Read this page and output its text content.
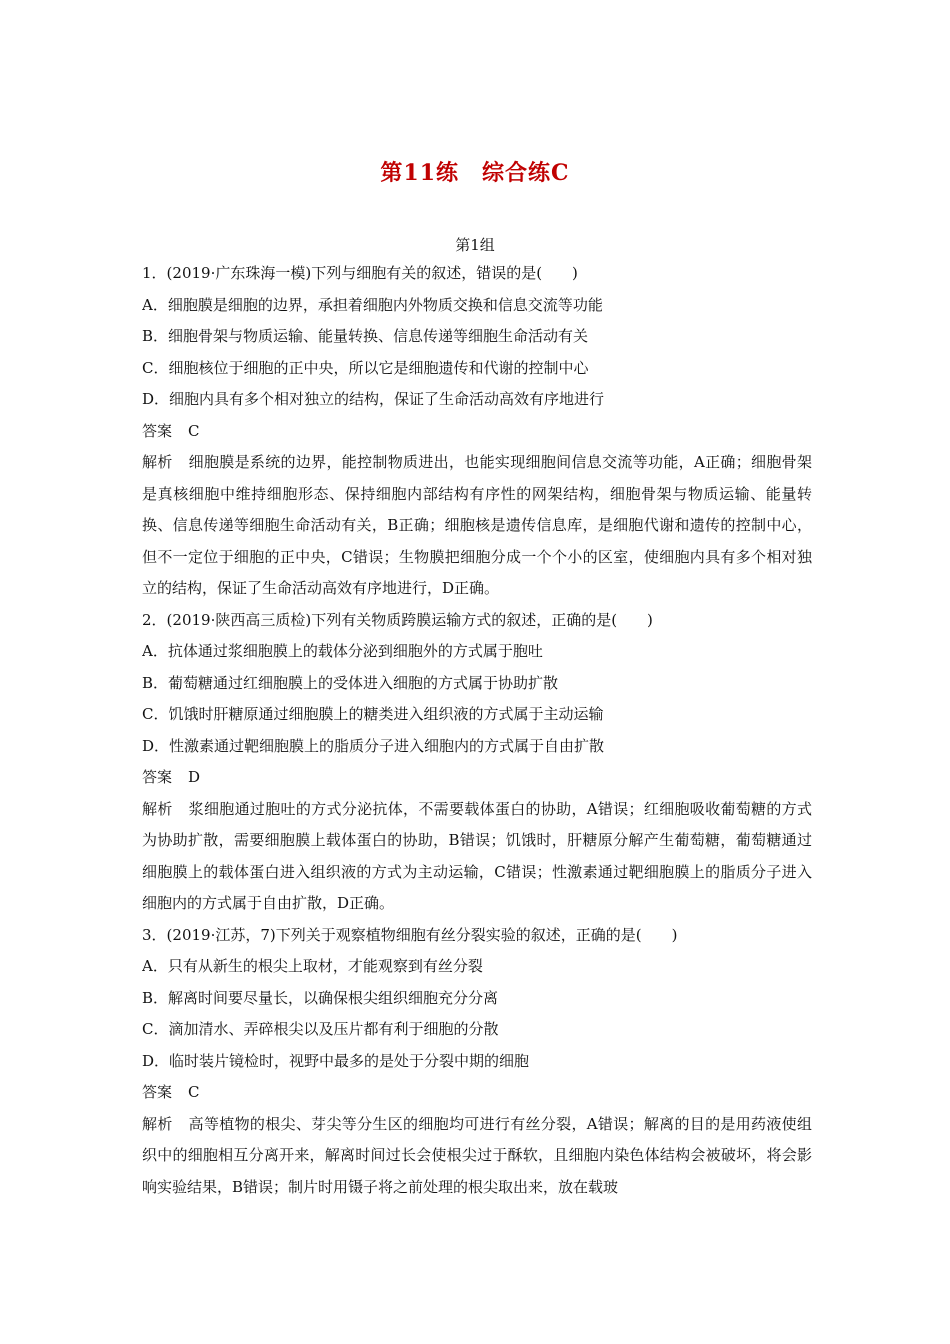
第11练　综合练C
第1组
1．(2019·广东珠海一模)下列与细胞有关的叙述，错误的是(　　)
A．细胞膜是细胞的边界，承担着细胞内外物质交换和信息交流等功能
B．细胞骨架与物质运输、能量转换、信息传递等细胞生命活动有关
C．细胞核位于细胞的正中央，所以它是细胞遗传和代谢的控制中心
D．细胞内具有多个相对独立的结构，保证了生命活动高效有序地进行
答案 C
解析 细胞膜是系统的边界，能控制物质进出，也能实现细胞间信息交流等功能，A正确；细胞骨架是真核细胞中维持细胞形态、保持细胞内部结构有序性的网架结构，细胞骨架与物质运输、能量转换、信息传递等细胞生命活动有关，B正确；细胞核是遗传信息库，是细胞代谢和遗传的控制中心，但不一定位于细胞的正中央，C错误；生物膜把细胞分成一个个小的区室，使细胞内具有多个相对独立的结构，保证了生命活动高效有序地进行，D正确。
2．(2019·陕西高三质检)下列有关物质跨膜运输方式的叙述，正确的是(　　)
A．抗体通过浆细胞膜上的载体分泌到细胞外的方式属于胞吐
B．葡萄糖通过红细胞膜上的受体进入细胞的方式属于协助扩散
C．饥饿时肝糖原通过细胞膜上的糖类进入组织液的方式属于主动运输
D．性激素通过靶细胞膜上的脂质分子进入细胞内的方式属于自由扩散
答案 D
解析 浆细胞通过胞吐的方式分泌抗体，不需要载体蛋白的协助，A错误；红细胞吸收葡萄糖的方式为协助扩散，需要细胞膜上载体蛋白的协助，B错误；饥饿时，肝糖原分解产生葡萄糖，葡萄糖通过细胞膜上的载体蛋白进入组织液的方式为主动运输，C错误；性激素通过靶细胞膜上的脂质分子进入细胞内的方式属于自由扩散，D正确。
3．(2019·江苏，7)下列关于观察植物细胞有丝分裂实验的叙述，正确的是(　　)
A．只有从新生的根尖上取材，才能观察到有丝分裂
B．解离时间要尽量长，以确保根尖组织细胞充分分离
C．滴加清水、弄碎根尖以及压片都有利于细胞的分散
D．临时装片镜检时，视野中最多的是处于分裂中期的细胞
答案 C
解析 高等植物的根尖、芽尖等分生区的细胞均可进行有丝分裂，A错误；解离的目的是用药液使组织中的细胞相互分离开来，解离时间过长会使根尖过于酥软，且细胞内染色体结构会被破坏，将会影响实验结果，B错误；制片时用镊子将之前处理的根尖取出来，放在载玻
